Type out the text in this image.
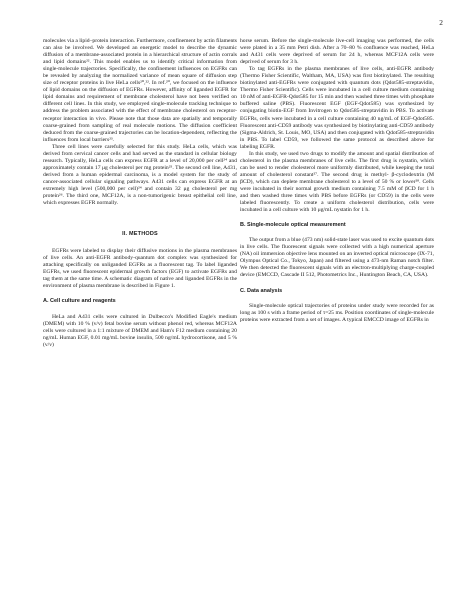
2

molecules via a lipid–protein interaction. Furthermore, confinement by actin filaments can also be involved. We developed an energetic model to describe the dynamic diffusion of a membrane-associated protein in a hierarchical structure of actin corrals and lipid domains²². This model enables us to identify critical information from single-molecule trajectories. Specifically, the confinement influences on EGFRs can be revealed by analyzing the normalized variance of mean square of diffusion step size of receptor proteins in live HeLa cells²⁰,²². In ref.²⁰, we focused on the influence of lipid domains on the diffusion of EGFRs. However, affinity of liganded EGFR for lipid domains and requirement of membrane cholesterol have not been verified on different cell lines. In this study, we employed single-molecule tracking technique to address the problem associated with the effect of membrane cholesterol on receptor-receptor interaction in vivo. Please note that those data are spatially and temporally coarse-grained from sampling of real molecule motions. The diffusion coefficient deduced from the coarse-grained trajectories can be location-dependent, reflecting the influences from local barriers²³.

Three cell lines were carefully selected for this study. HeLa cells, which was derived from cervical cancer cells and had served as the standard in cellular biology research. Typically, HeLa cells can express EGFR at a level of 20,000 per cell²⁴ and approximately contain 17 μg cholesterol per mg protein²⁵. The second cell line, A431, derived from a human epidermal carcinoma, is a model system for the study of cancer-associated cellular signaling pathways. A431 cells can express EGFR at an extremely high level (500,000 per cell)²⁴ and contain 32 μg cholesterol per mg protein²⁶. The third one, MCF12A, is a non-tumorigenic breast epithelial cell line, which expresses EGFR normally.

II. METHODS

EGFRs were labeled to display their diffusive motions in the plasma membranes of live cells. An anti-EGFR antibody-quantum dot complex was synthesized for attaching specifically on unliganded EGFRs as a fluorescent tag. To label liganded EGFRs, we used fluorescent epidermal growth factors (EGF) to activate EGFRs and tag them at the same time. A schematic diagram of native and liganded EGFRs in the environment of plasma membrane is described in Figure 1.

A. Cell culture and reagents

HeLa and A431 cells were cultured in Dulbecco's Modified Eagle's medium (DMEM) with 10 % (v/v) fetal bovine serum without phenol red, whereas MCF12A cells were cultured in a 1:1 mixture of DMEM and Ham's F12 medium containing 20 ng/mL Human EGF, 0.01 mg/mL bovine insulin, 500 ng/mL hydrocortisone, and 5 %(v/v)

horse serum. Before the single-molecule live-cell imaging was performed, the cells were plated in a 35 mm Petri dish. After a 70–80 % confluence was reached, HeLa and A431 cells were deprived of serum for 24 h, whereas MCF12A cells were deprived of serum for 3 h.

To tag EGFRs in the plasma membranes of live cells, anti-EGFR antibody (Thermo Fisher Scientific, Waltham, MA, USA) was first biotinylated. The resulting biotinylated anti-EGFRs were conjugated with quantum dots (Qdot585-streptavidin, Thermo Fisher Scientific). Cells were incubated in a cell culture medium containing 10 nM of anti-EGFR-Qdot585 for 15 min and then washed three times with phosphate buffered saline (PBS). Fluorescent EGF (EGF-Qdot585) was synthesized by conjugating biotin-EGF from Invitrogen to Qdot585-streptavidin in PBS. To activate EGFRs, cells were incubated in a cell culture containing 40 ng/mL of EGF-Qdot585. Fluorescent anti-CD59 antibody was synthesized by biotinylating anti-CD59 antibody (Sigma-Aldrich, St. Louis, MO, USA) and then conjugated with Qdot585-streptavidin in PBS. To label CD59, we followed the same protocol as described above for labeling EGFR.

In this study, we used two drugs to modify the amount and spatial distribution of cholesterol in the plasma membranes of live cells. The first drug is nystatin, which can be used to render cholesterol more uniformly distributed, while keeping the total amount of cholesterol constant²⁷. The second drug is methyl- β-cyclodextrin (M βCD), which can deplete membrane cholesterol to a level of 50 % or lower²⁸. Cells were incubated in their normal growth medium containing 7.5 mM of βCD for 1 h and then washed three times with PBS before EGFRs (or CD59) in the cells were labeled fluorescently. To create a uniform cholesterol distribution, cells were incubated in a cell culture with 10 μg/mL nystatin for 1 h.

B. Single-molecule optical measurement

The output from a blue (473 nm) solid-state laser was used to excite quantum dots in live cells. The fluorescent signals were collected with a high numerical aperture (NA) oil immersion objective lens mounted on an inverted optical microscope (IX-71, Olympus Optical Co., Tokyo, Japan) and filtered using a 473-nm Raman notch filter. We then detected the fluorescent signals with an electron-multiplying charge-coupled device (EMCCD, Cascade II 512, Photometrics Inc., Huntington Beach, CA, USA).

C. Data analysis

Single-molecule optical trajectories of proteins under study were recorded for as long as 100 s with a frame period of τ=25 ms. Position coordinates of single-molecule proteins were extracted from a set of images. A typical EMCCD image of EGFRs in
